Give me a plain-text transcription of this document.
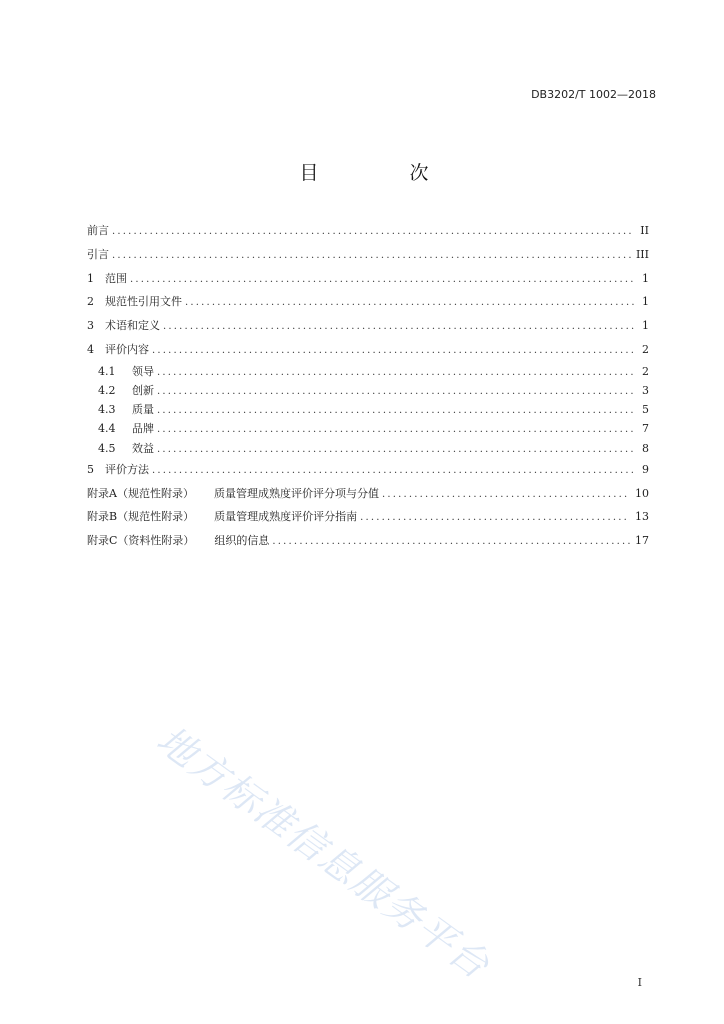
DB3202/T 1002—2018
目　次
前言 .....	II
引言 .....	III
1	范围 .....	1
2	规范性引用文件 .....	1
3	术语和定义 .....	1
4	评价内容 .....	2
4.1	领导 .....	2
4.2	创新 .....	3
4.3	质量 .....	5
4.4	品牌 .....	7
4.5	效益 .....	8
5	评价方法 .....	9
附录A（规范性附录） 质量管理成熟度评价评分项与分值 .....	10
附录B（规范性附录） 质量管理成熟度评价评分指南 .....	13
附录C（资料性附录） 组织的信息 .....	17
地方标准信息服务平台	I
